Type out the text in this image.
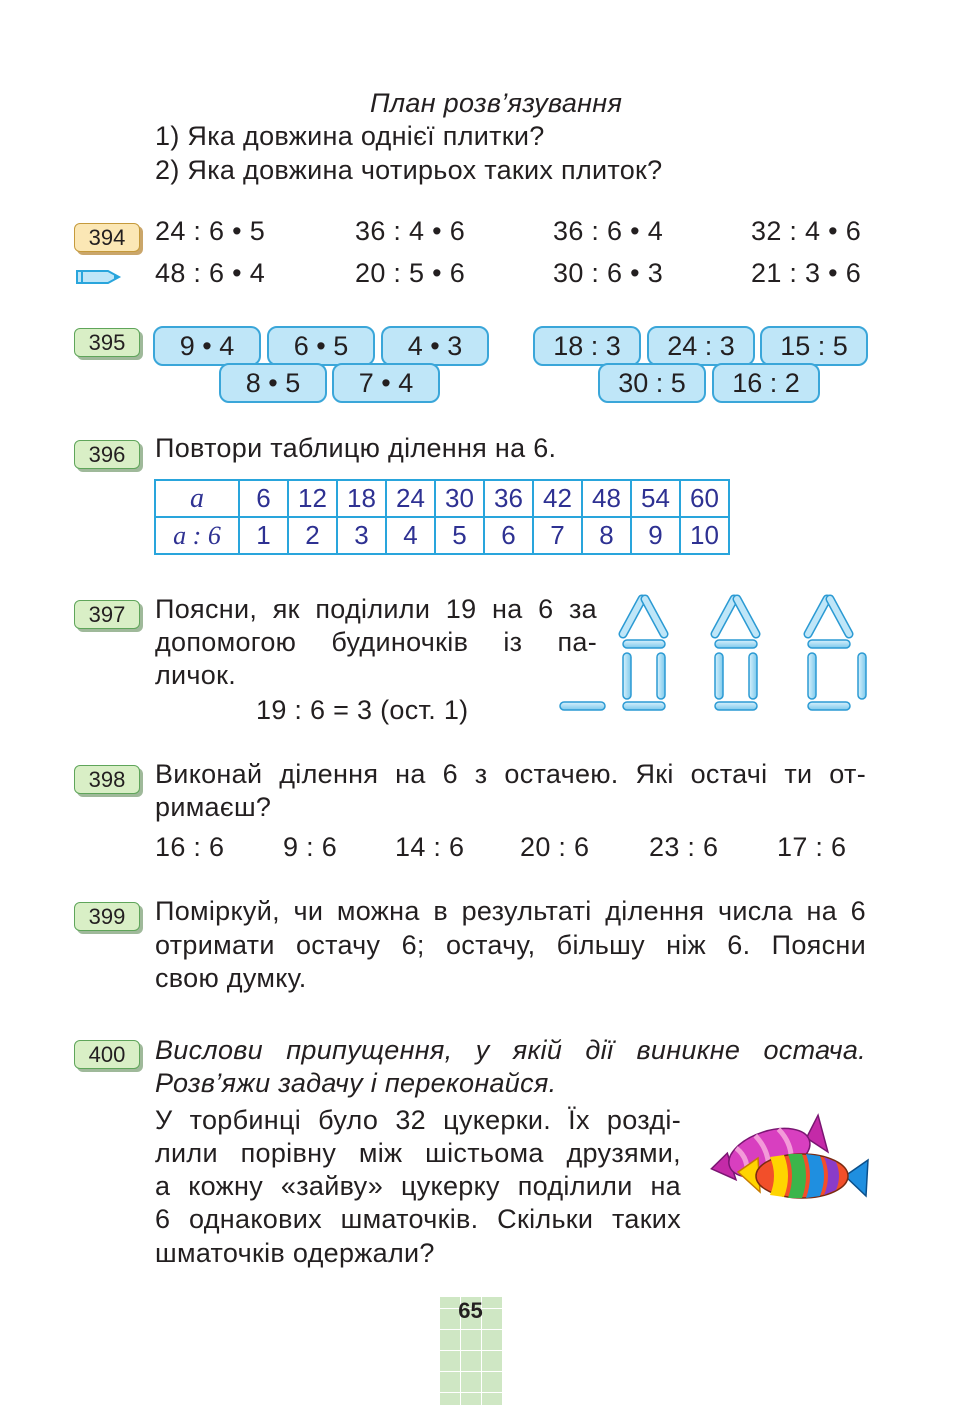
План розв’язування
1) Яка довжина однієї плитки?
2) Яка довжина чотирьох таких плиток?
394	24 : 6 • 5	36 : 4 • 6	36 : 6 • 4	32 : 4 • 6
48 : 6 • 4	20 : 5 • 6	30 : 6 • 3	21 : 3 • 6
395	9 • 4	6 • 5	4 • 3
8 • 5	7 • 4
18 : 3	24 : 3	15 : 5
30 : 5	16 : 2
396	Повтори таблицю ділення на 6.
a	6	12	18	24	30	36	42	48	54	60
a : 6	1	2	3	4	5	6	7	8	9	10
397	Поясни, як поділили 19 на 6 за
допомогою будиночків із па-
личок.
19 : 6 = 3 (ост. 1)
398	Виконай ділення на 6 з остачею. Які остачі ти от-
римаєш?
16 : 6 9 : 6 14 : 6 20 : 6 23 : 6 17 : 6
399	Поміркуй, чи можна в результаті ділення числа на 6
отримати остачу 6; остачу, більшу ніж 6. Поясни
свою думку.
400	Вислови припущення, у якій дії виникне остача.
Розв’яжи задачу і переконайся.
У торбинці було 32 цукерки. Їх розді-
лили порівну між шістьома друзями,
а кожну «зайву» цукерку поділили на
6 однакових шматочків. Скільки таких
шматочків одержали?
65
